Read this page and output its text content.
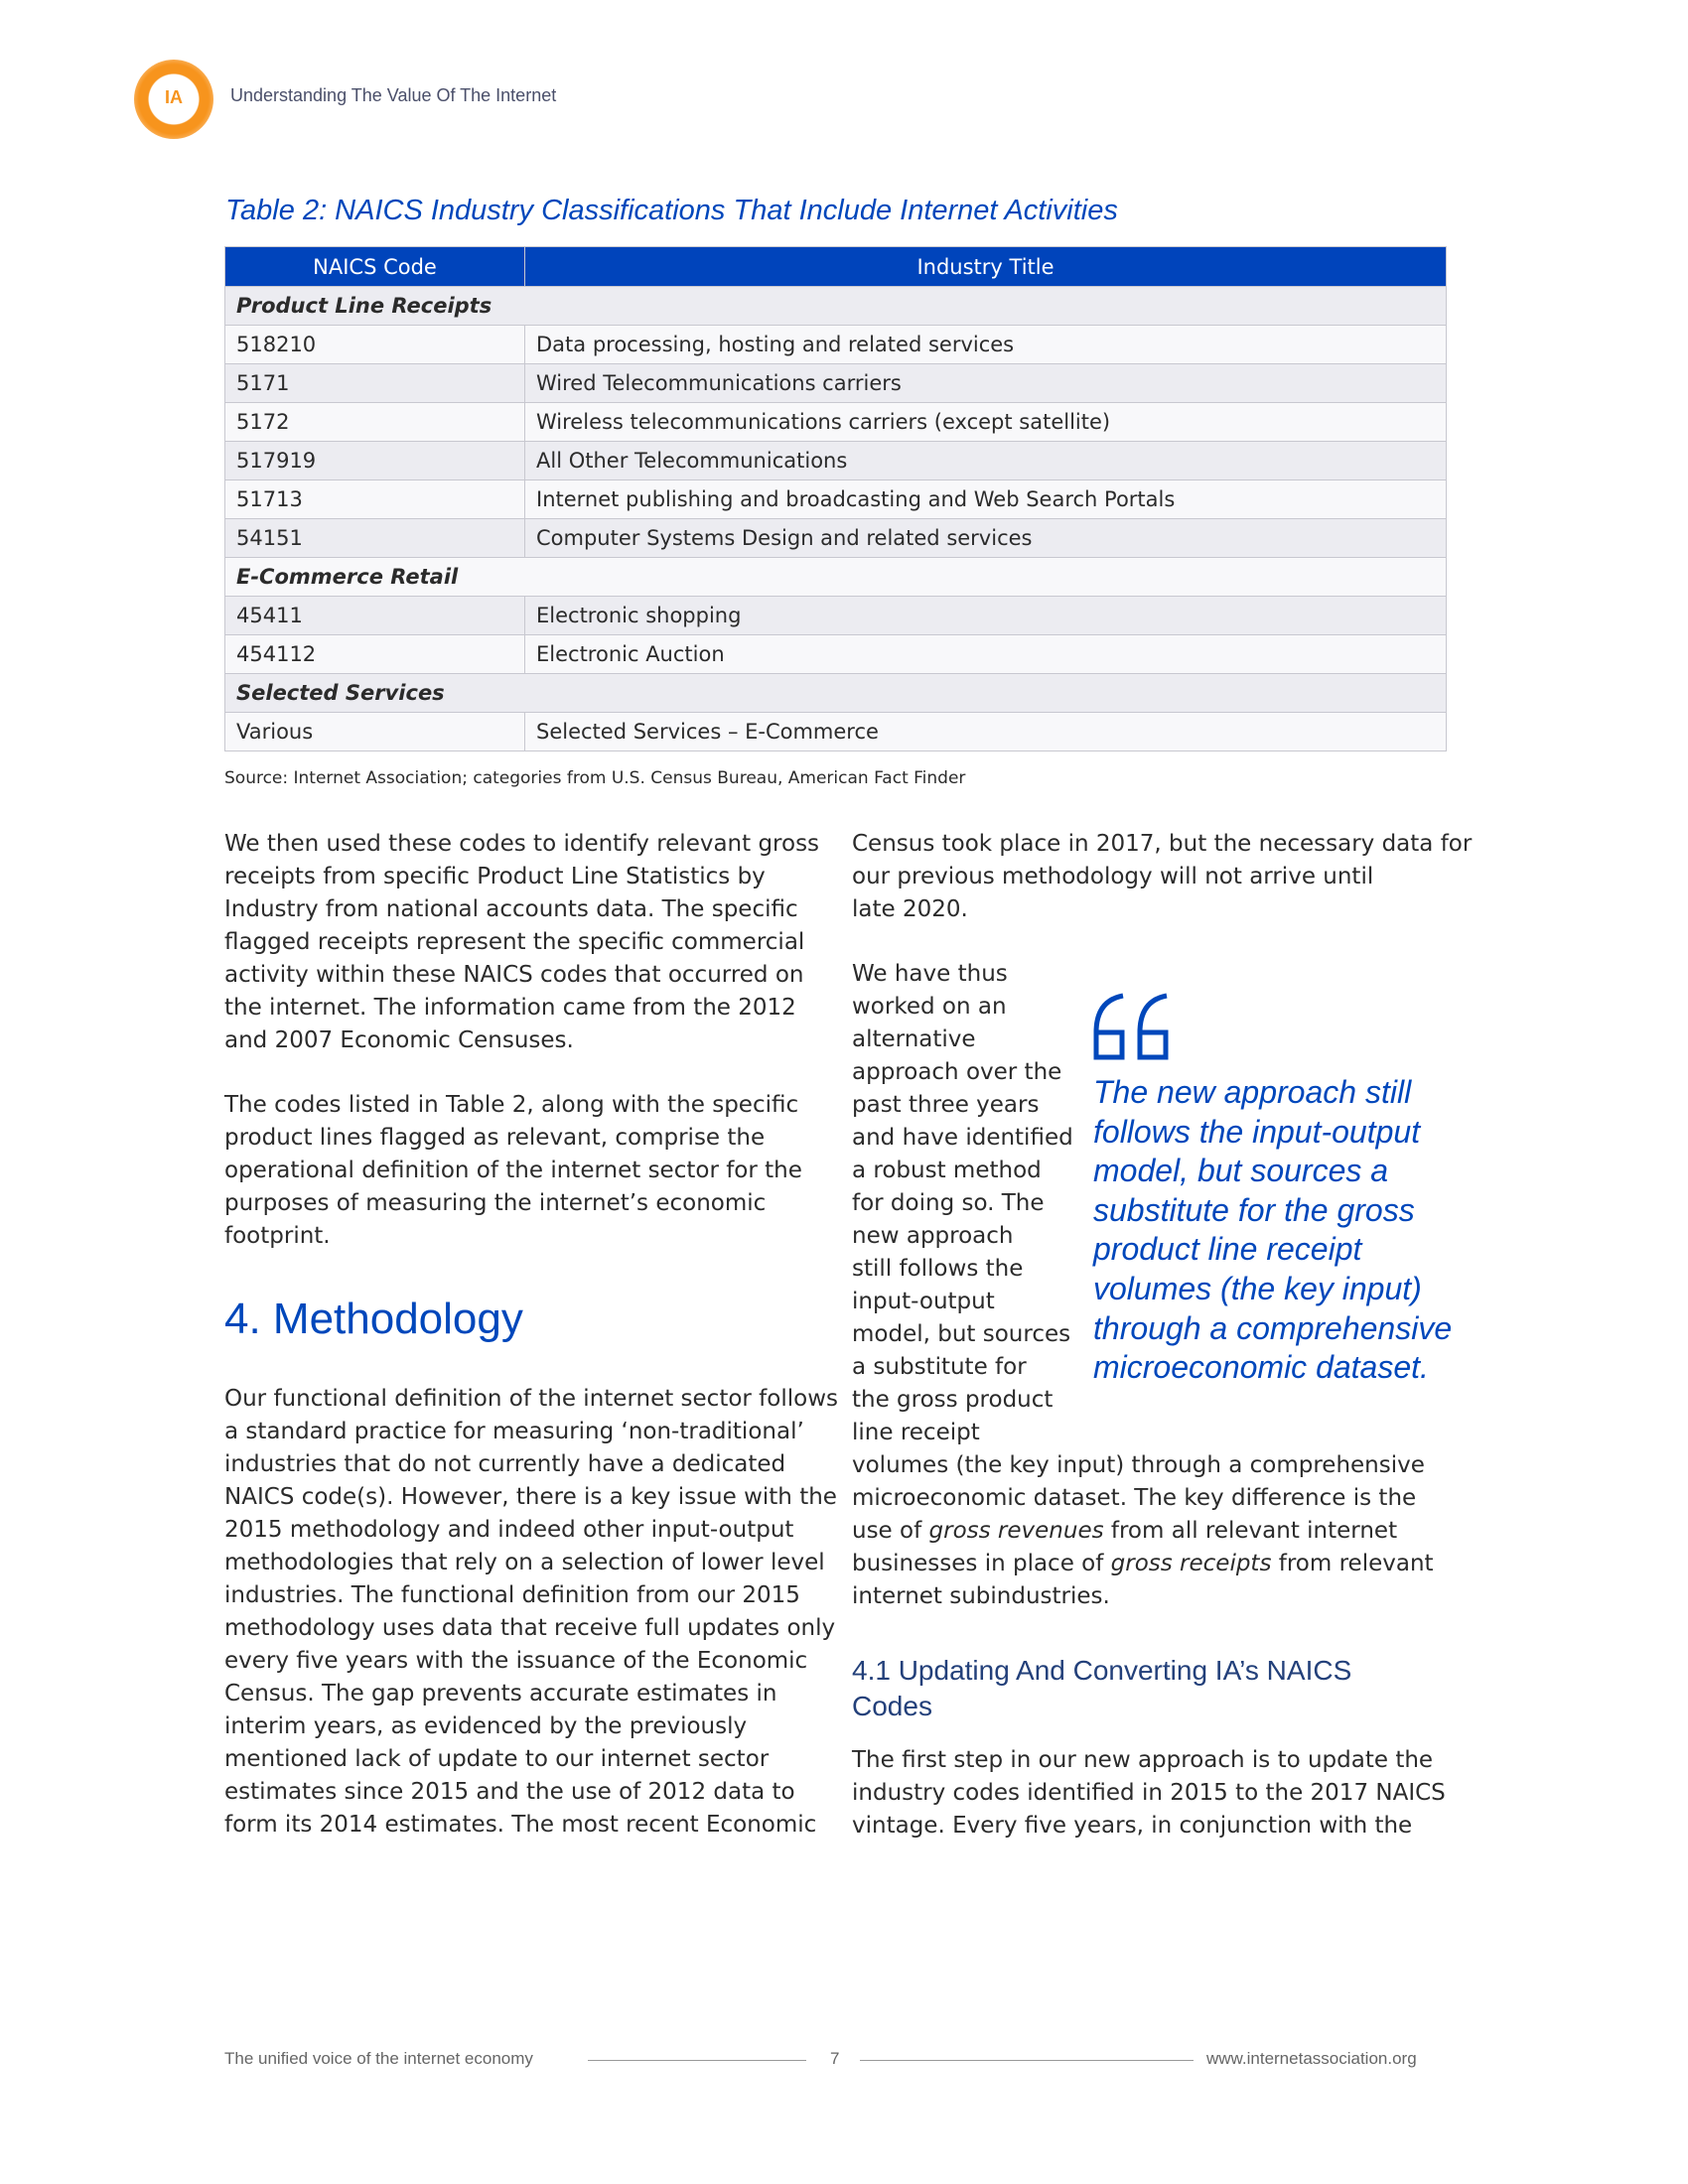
IA	Understanding The Value Of The Internet
Table 2: NAICS Industry Classifications That Include Internet Activities
NAICS Code	Industry Title
Product Line Receipts	
518210	Data processing, hosting and related services
5171	Wired Telecommunications carriers
5172	Wireless telecommunications carriers (except satellite)
517919	All Other Telecommunications
51713	Internet publishing and broadcasting and Web Search Portals
54151	Computer Systems Design and related services
E-Commerce Retail	
45411	Electronic shopping
454112	Electronic Auction
Selected Services	
Various	Selected Services – E-Commerce
Source: Internet Association; categories from U.S. Census Bureau, American Fact Finder
We then used these codes to identify relevant gross
receipts from specific Product Line Statistics by
Industry from national accounts data. The specific
flagged receipts represent the specific commercial
activity within these NAICS codes that occurred on
the internet. The information came from the 2012
and 2007 Economic Censuses.
The codes listed in Table 2, along with the specific
product lines flagged as relevant, comprise the
operational definition of the internet sector for the
purposes of measuring the internet’s economic
footprint.
4. Methodology
Our functional definition of the internet sector follows
a standard practice for measuring ‘non-traditional’
industries that do not currently have a dedicated
NAICS code(s). However, there is a key issue with the
2015 methodology and indeed other input-output
methodologies that rely on a selection of lower level
industries. The functional definition from our 2015
methodology uses data that receive full updates only
every five years with the issuance of the Economic
Census. The gap prevents accurate estimates in
interim years, as evidenced by the previously
mentioned lack of update to our internet sector
estimates since 2015 and the use of 2012 data to
form its 2014 estimates. The most recent Economic
Census took place in 2017, but the necessary data for
our previous methodology will not arrive until
late 2020.
We have thus
worked on an
alternative
approach over the
past three years
and have identified
a robust method
for doing so. The
new approach
still follows the
input-output
model, but sources
a substitute for
the gross product
line receipt
volumes (the key input) through a comprehensive
microeconomic dataset. The key difference is the
use of gross revenues from all relevant internet
businesses in place of gross receipts from relevant
internet subindustries.
4.1 Updating And Converting IA’s NAICS
Codes
The first step in our new approach is to update the
industry codes identified in 2015 to the 2017 NAICS
vintage. Every five years, in conjunction with the
The new approach still
follows the input-output
model, but sources a
substitute for the gross
product line receipt
volumes (the key input)
through a comprehensive
microeconomic dataset.
The unified voice of the internet economy	7	www.internetassociation.org
